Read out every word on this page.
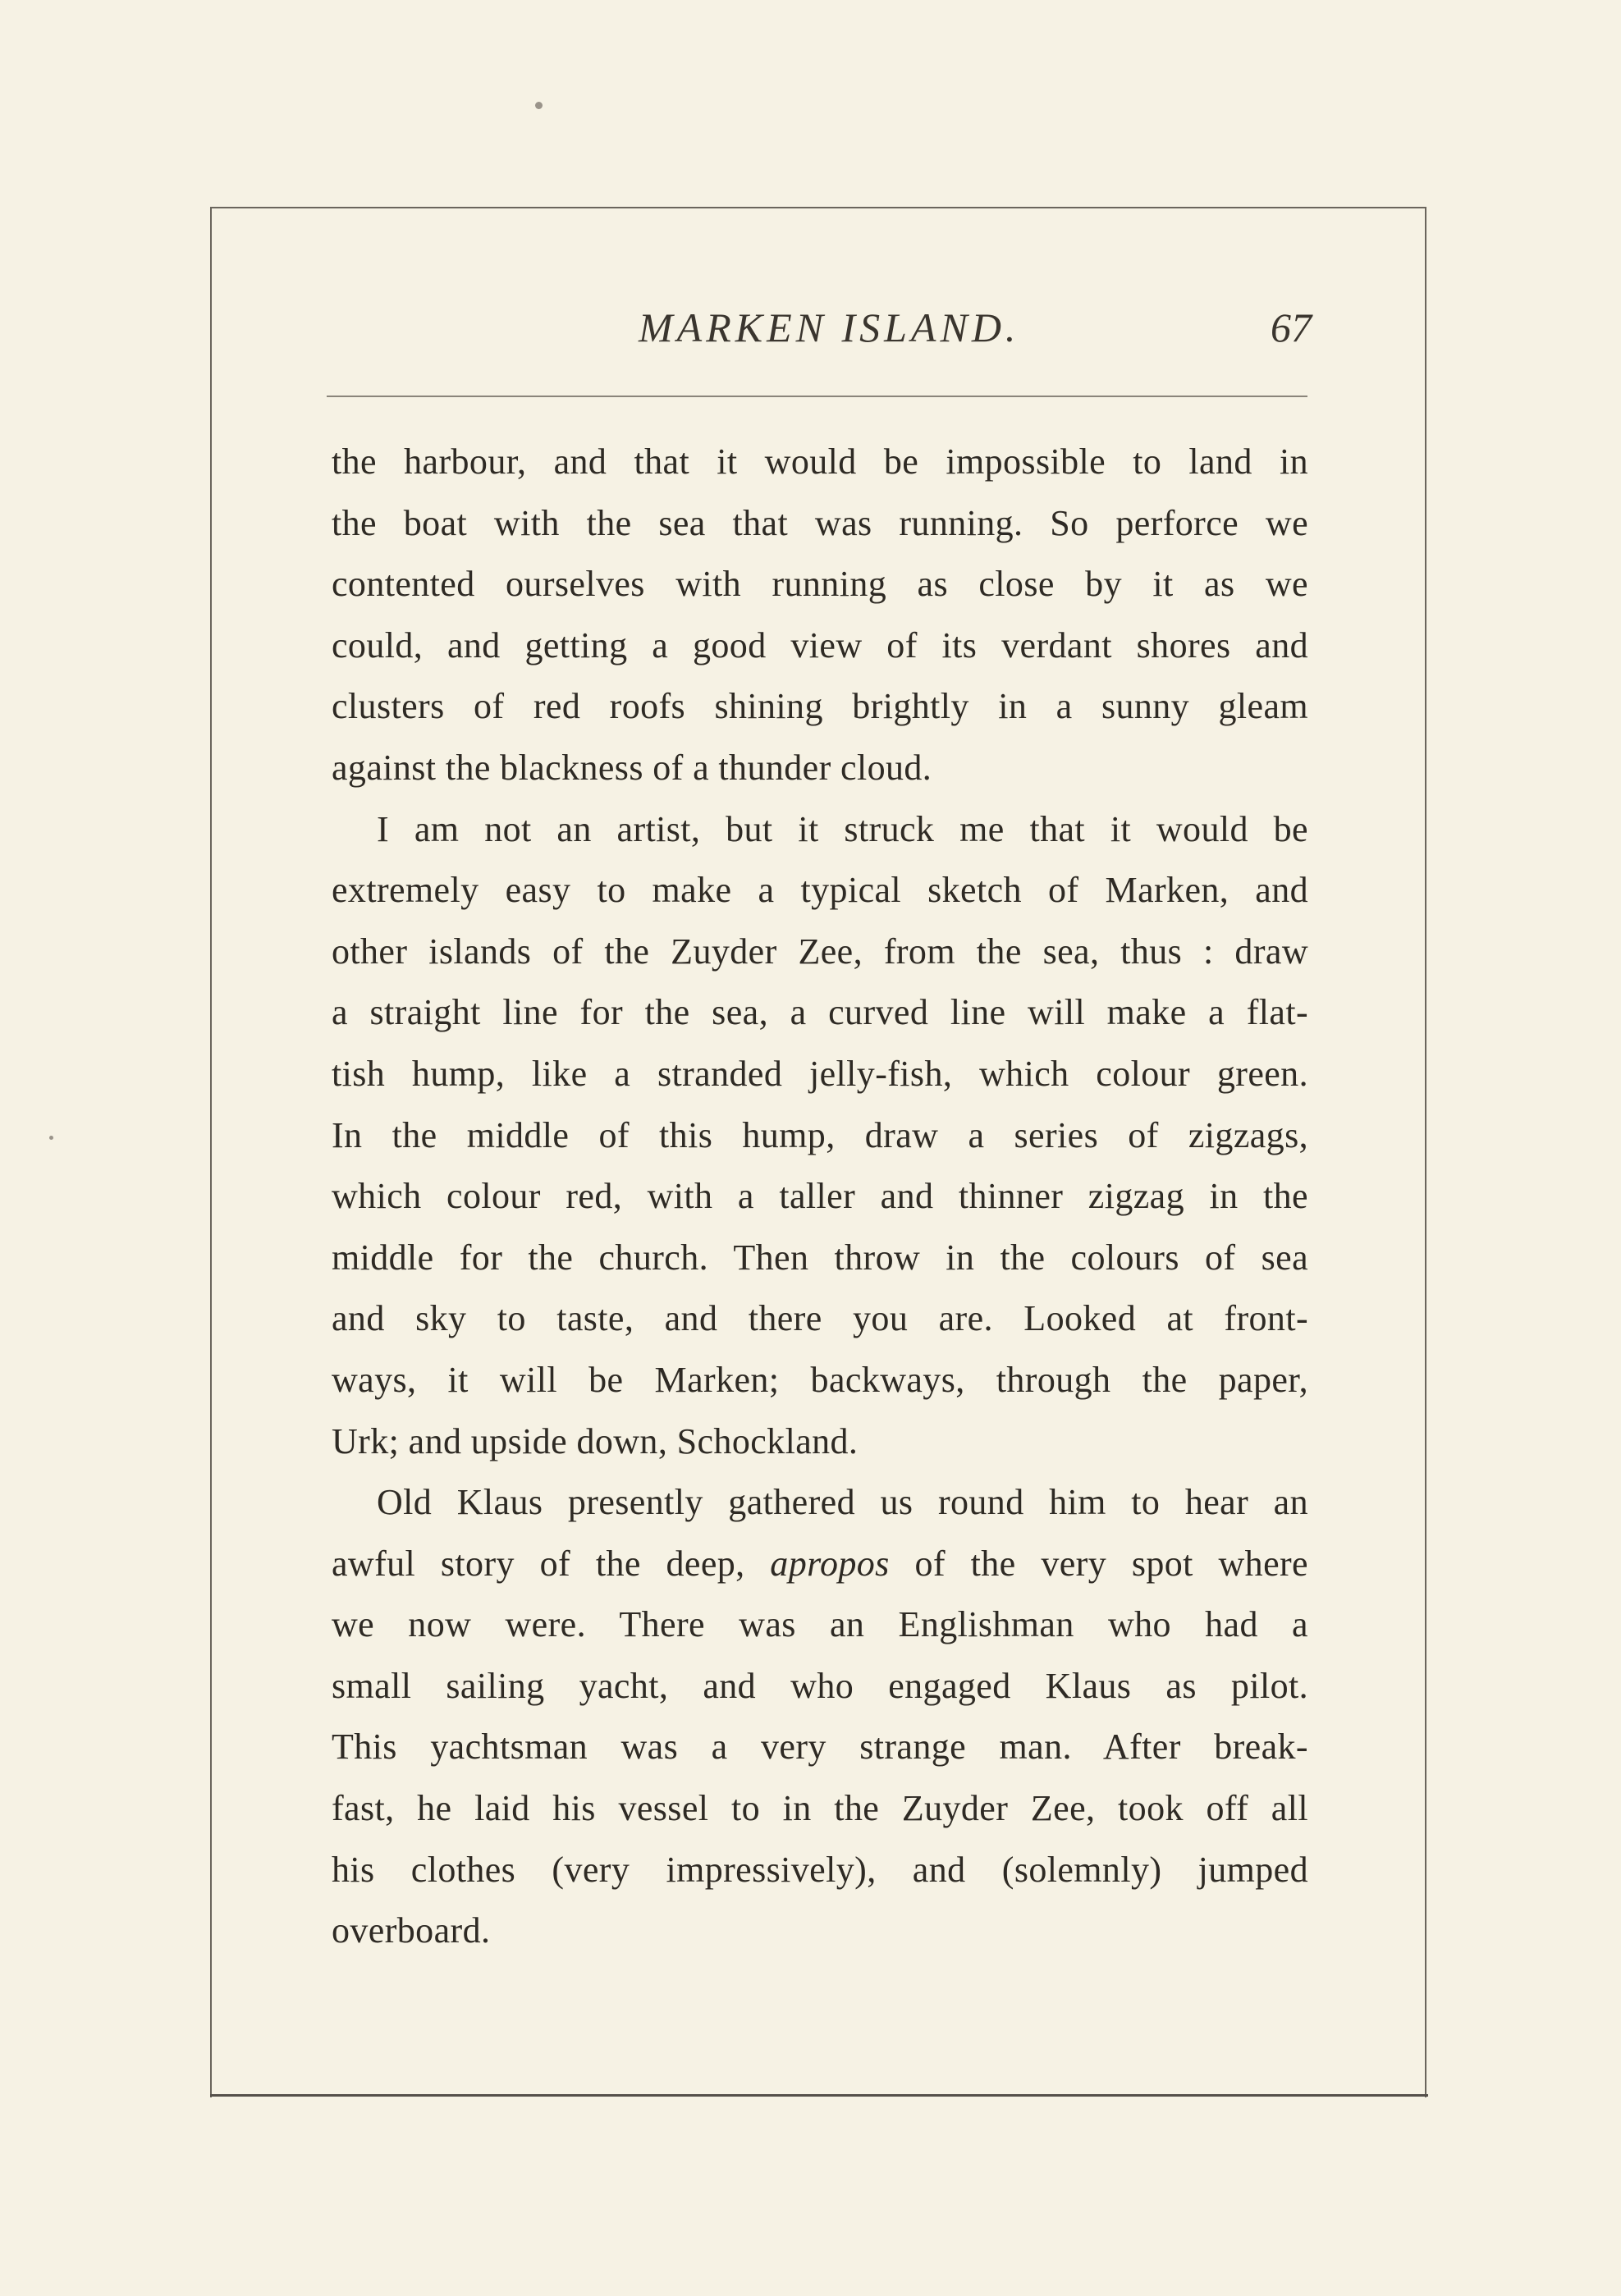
MARKEN ISLAND.	67
the harbour, and that it would be impossible to land in
the boat with the sea that was running. So perforce we
contented ourselves with running as close by it as we
could, and getting a good view of its verdant shores and
clusters of red roofs shining brightly in a sunny gleam
against the blackness of a thunder cloud.
I am not an artist, but it struck me that it would be
extremely easy to make a typical sketch of Marken, and
other islands of the Zuyder Zee, from the sea, thus : draw
a straight line for the sea, a curved line will make a flat-
tish hump, like a stranded jelly-fish, which colour green.
In the middle of this hump, draw a series of zigzags,
which colour red, with a taller and thinner zigzag in the
middle for the church. Then throw in the colours of sea
and sky to taste, and there you are. Looked at front-
ways, it will be Marken; backways, through the paper,
Urk; and upside down, Schockland.
Old Klaus presently gathered us round him to hear an
awful story of the deep, apropos of the very spot where
we now were. There was an Englishman who had a
small sailing yacht, and who engaged Klaus as pilot.
This yachtsman was a very strange man. After break-
fast, he laid his vessel to in the Zuyder Zee, took off all
his clothes (very impressively), and (solemnly) jumped
overboard.
